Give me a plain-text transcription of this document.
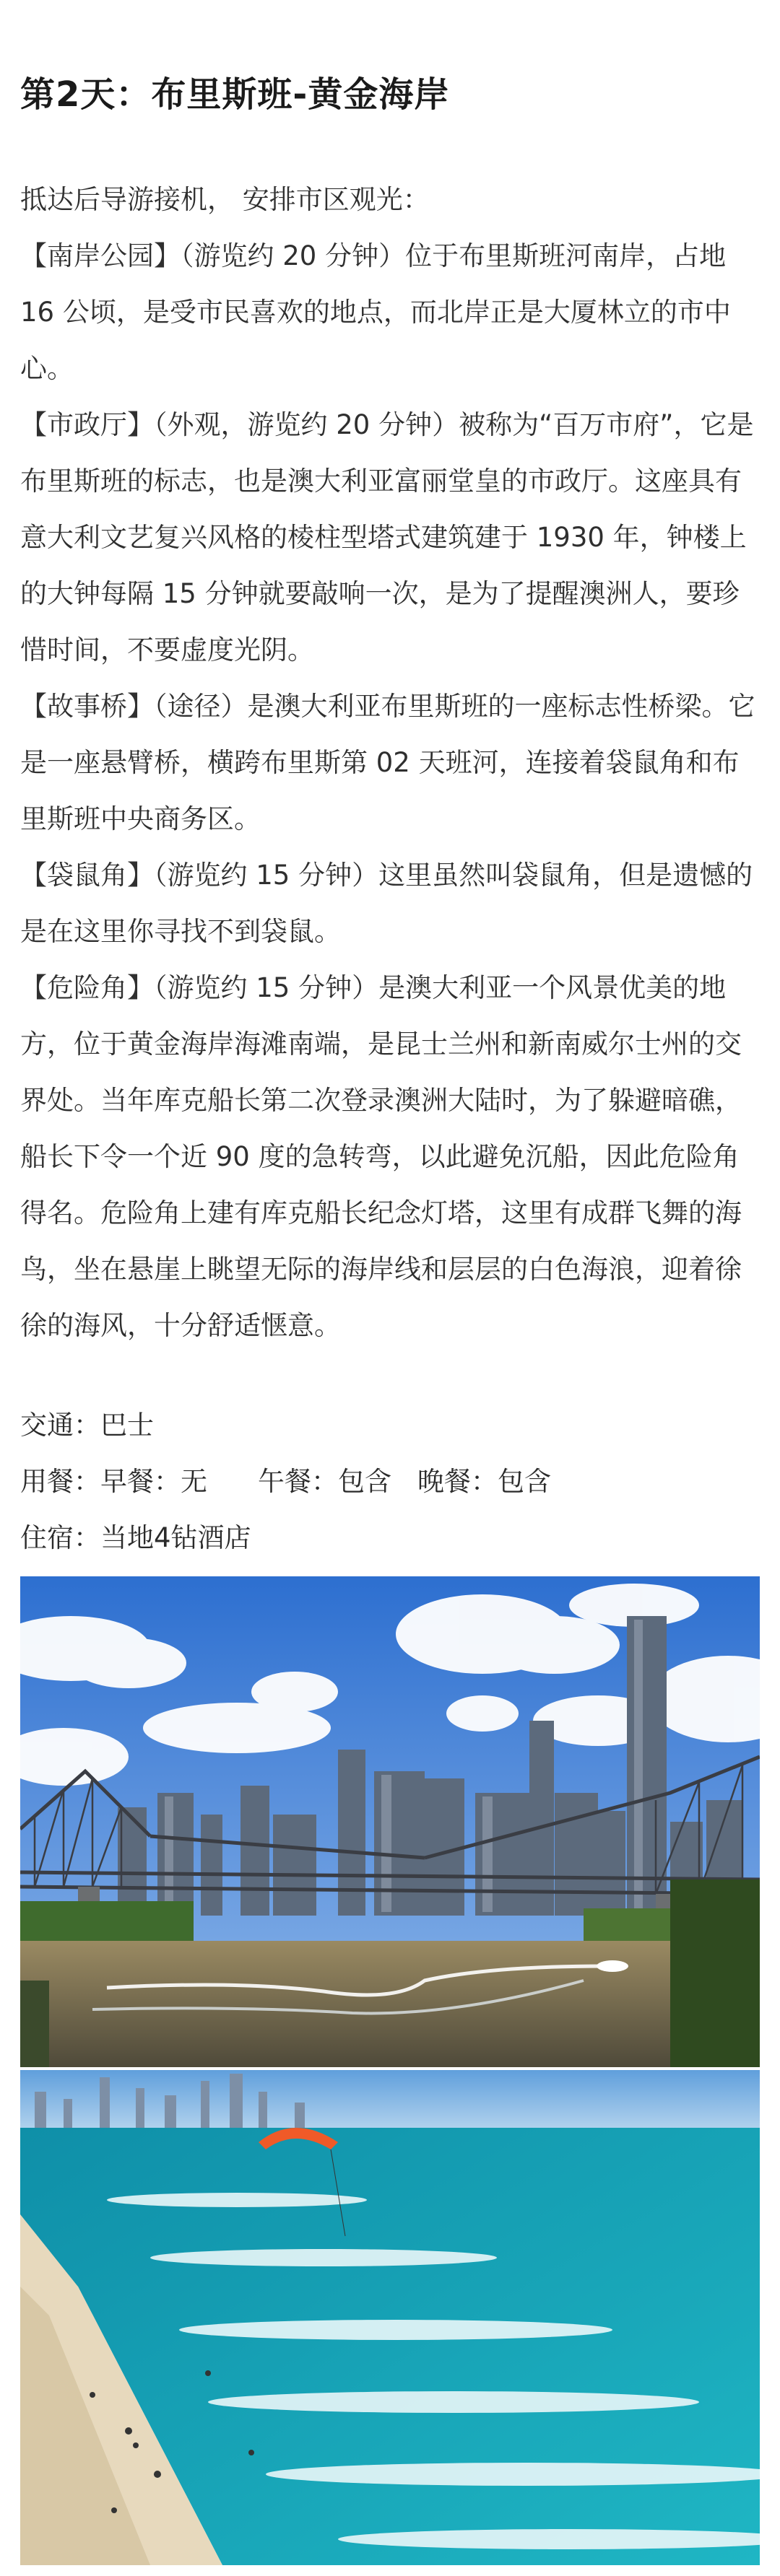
第2天：布里斯班-黄金海岸
抵达后导游接机， 安排市区观光：
【南岸公园】（游览约 20 分钟）位于布里斯班河南岸，占地 16 公顷，是受市民喜欢的地点，而北岸正是大厦林立的市中心。
【市政厅】（外观，游览约 20 分钟）被称为“百万市府”，它是布里斯班的标志，也是澳大利亚富丽堂皇的市政厅。这座具有意大利文艺复兴风格的棱柱型塔式建筑建于 1930 年，钟楼上的大钟每隔 15 分钟就要敲响一次，是为了提醒澳洲人，要珍惜时间，不要虚度光阴。
【故事桥】（途径）是澳大利亚布里斯班的一座标志性桥梁。它是一座悬臂桥，横跨布里斯第 02 天班河，连接着袋鼠角和布里斯班中央商务区。
【袋鼠角】（游览约 15 分钟）这里虽然叫袋鼠角，但是遗憾的是在这里你寻找不到袋鼠。
【危险角】（游览约 15 分钟）是澳大利亚一个风景优美的地方，位于黄金海岸海滩南端，是昆士兰州和新南威尔士州的交界处。当年库克船长第二次登录澳洲大陆时，为了躲避暗礁，船长下令一个近 90 度的急转弯，以此避免沉船，因此危险角得名。危险角上建有库克船长纪念灯塔，这里有成群飞舞的海鸟，坐在悬崖上眺望无际的海岸线和层层的白色海浪，迎着徐徐的海风，十分舒适惬意。
交通：巴士
用餐：早餐：无 午餐：包含 晚餐：包含
住宿：当地4钻酒店
